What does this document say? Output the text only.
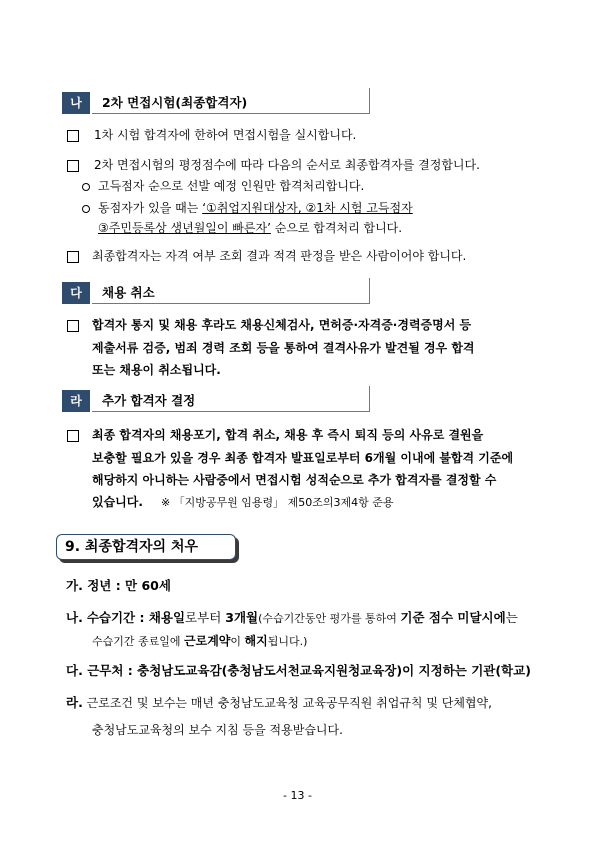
나	2차 면접시험(최종합격자)
1차 시험 합격자에 한하여 면접시험을 실시합니다.
2차 면접시험의 평정점수에 따라 다음의 순서로 최종합격자를 결정합니다.
고득점자 순으로 선발 예정 인원만 합격처리합니다.
동점자가 있을 때는 ‘①취업지원대상자, ②1차 시험 고득점자
③주민등록상 생년월일이 빠른자’ 순으로 합격처리 합니다.
최종합격자는 자격 여부 조회 결과 적격 판정을 받은 사람이어야 합니다.
다	채용 취소
합격자 통지 및 채용 후라도 채용신체검사, 면허증·자격증·경력증명서 등
제출서류 검증, 범죄 경력 조회 등을 통하여 결격사유가 발견될 경우 합격
또는 채용이 취소됩니다.
라	추가 합격자 결정
최종 합격자의 채용포기, 합격 취소, 채용 후 즉시 퇴직 등의 사유로 결원을
보충할 필요가 있을 경우 최종 합격자 발표일로부터 6개월 이내에 불합격 기준에
해당하지 아니하는 사람중에서 면접시험 성적순으로 추가 합격자를 결정할 수
있습니다. ※ 「지방공무원 임용령」 제50조의3제4항 준용
9. 최종합격자의 처우
가. 정년 : 만 60세
나. 수습기간 : 채용일로부터 3개월(수습기간동안 평가를 통하여 기준 점수 미달시에는
수습기간 종료일에 근로계약이 해지됩니다.)
다. 근무처 : 충청남도교육감(충청남도서천교육지원청교육장)이 지정하는 기관(학교)
라. 근로조건 및 보수는 매년 충청남도교육청 교육공무직원 취업규칙 및 단체협약,
충청남도교육청의 보수 지침 등을 적용받습니다.
- 13 -
